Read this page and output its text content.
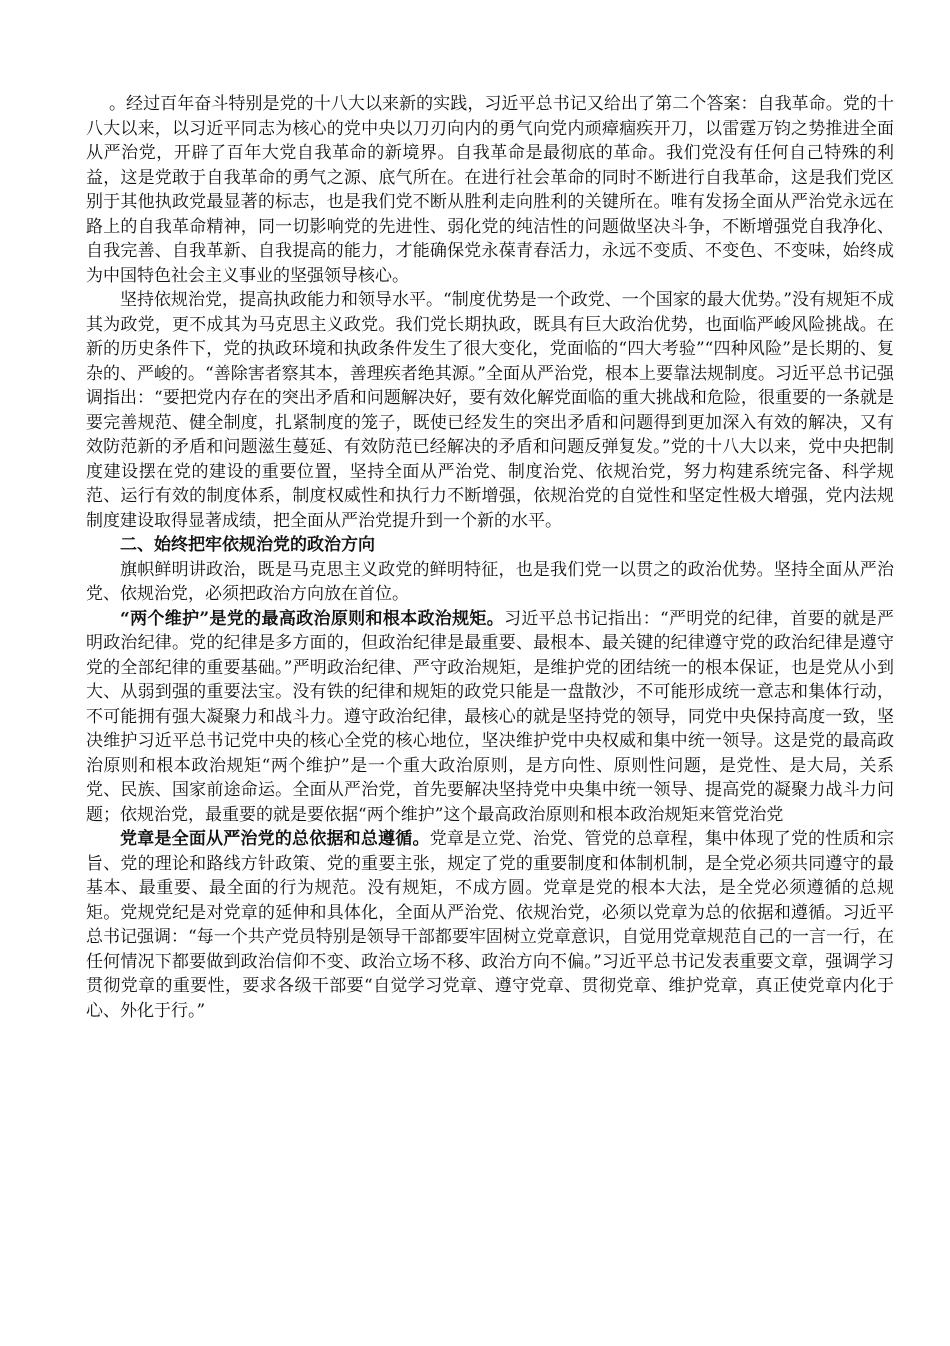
。经过百年奋斗特别是党的十八大以来新的实践，习近平总书记又给出了第二个答案：自我革命。党的十八大以来，以习近平同志为核心的党中央以刀刃向内的勇气向党内顽瘴痼疾开刀，以雷霆万钧之势推进全面从严治党，开辟了百年大党自我革命的新境界。自我革命是最彻底的革命。我们党没有任何自己特殊的利益，这是党敢于自我革命的勇气之源、底气所在。在进行社会革命的同时不断进行自我革命，这是我们党区别于其他执政党最显著的标志，也是我们党不断从胜利走向胜利的关键所在。唯有发扬全面从严治党永远在路上的自我革命精神，同一切影响党的先进性、弱化党的纯洁性的问题做坚决斗争，不断增强党自我净化、自我完善、自我革新、自我提高的能力，才能确保党永葆青春活力，永远不变质、不变色、不变味，始终成为中国特色社会主义事业的坚强领导核心。

坚持依规治党，提高执政能力和领导水平。“制度优势是一个政党、一个国家的最大优势。”没有规矩不成其为政党，更不成其为马克思主义政党。我们党长期执政，既具有巨大政治优势，也面临严峻风险挑战。在新的历史条件下，党的执政环境和执政条件发生了很大变化，党面临的“四大考验”“四种风险”是长期的、复杂的、严峻的。“善除害者察其本，善理疾者绝其源。”全面从严治党，根本上要靠法规制度。习近平总书记强调指出：“要把党内存在的突出矛盾和问题解决好，要有效化解党面临的重大挑战和危险，很重要的一条就是要完善规范、健全制度，扎紧制度的笼子，既使已经发生的突出矛盾和问题得到更加深入有效的解决，又有效防范新的矛盾和问题滋生蔓延、有效防范已经解决的矛盾和问题反弹复发。”党的十八大以来，党中央把制度建设摆在党的建设的重要位置，坚持全面从严治党、制度治党、依规治党，努力构建系统完备、科学规范、运行有效的制度体系，制度权威性和执行力不断增强，依规治党的自觉性和坚定性极大增强，党内法规制度建设取得显著成绩，把全面从严治党提升到一个新的水平。

二、始终把牢依规治党的政治方向

旗帜鲜明讲政治，既是马克思主义政党的鲜明特征，也是我们党一以贯之的政治优势。坚持全面从严治党、依规治党，必须把政治方向放在首位。

“两个维护”是党的最高政治原则和根本政治规矩。习近平总书记指出：“严明党的纪律，首要的就是严明政治纪律。党的纪律是多方面的，但政治纪律是最重要、最根本、最关键的纪律遵守党的政治纪律是遵守党的全部纪律的重要基础。”严明政治纪律、严守政治规矩，是维护党的团结统一的根本保证，也是党从小到大、从弱到强的重要法宝。没有铁的纪律和规矩的政党只能是一盘散沙，不可能形成统一意志和集体行动，不可能拥有强大凝聚力和战斗力。遵守政治纪律，最核心的就是坚持党的领导，同党中央保持高度一致，坚决维护习近平总书记党中央的核心全党的核心地位，坚决维护党中央权威和集中统一领导。这是党的最高政治原则和根本政治规矩“两个维护”是一个重大政治原则，是方向性、原则性问题，是党性、是大局，关系党、民族、国家前途命运。全面从严治党，首先要解决坚持党中央集中统一领导、提高党的凝聚力战斗力问题；依规治党，最重要的就是要依据“两个维护”这个最高政治原则和根本政治规矩来管党治党

党章是全面从严治党的总依据和总遵循。党章是立党、治党、管党的总章程，集中体现了党的性质和宗旨、党的理论和路线方针政策、党的重要主张，规定了党的重要制度和体制机制，是全党必须共同遵守的最基本、最重要、最全面的行为规范。没有规矩，不成方圆。党章是党的根本大法，是全党必须遵循的总规矩。党规党纪是对党章的延伸和具体化，全面从严治党、依规治党，必须以党章为总的依据和遵循。习近平总书记强调：“每一个共产党员特别是领导干部都要牢固树立党章意识，自觉用党章规范自己的一言一行，在任何情况下都要做到政治信仰不变、政治立场不移、政治方向不偏。”习近平总书记发表重要文章，强调学习贯彻党章的重要性，要求各级干部要“自觉学习党章、遵守党章、贯彻党章、维护党章，真正使党章内化于心、外化于行。”
